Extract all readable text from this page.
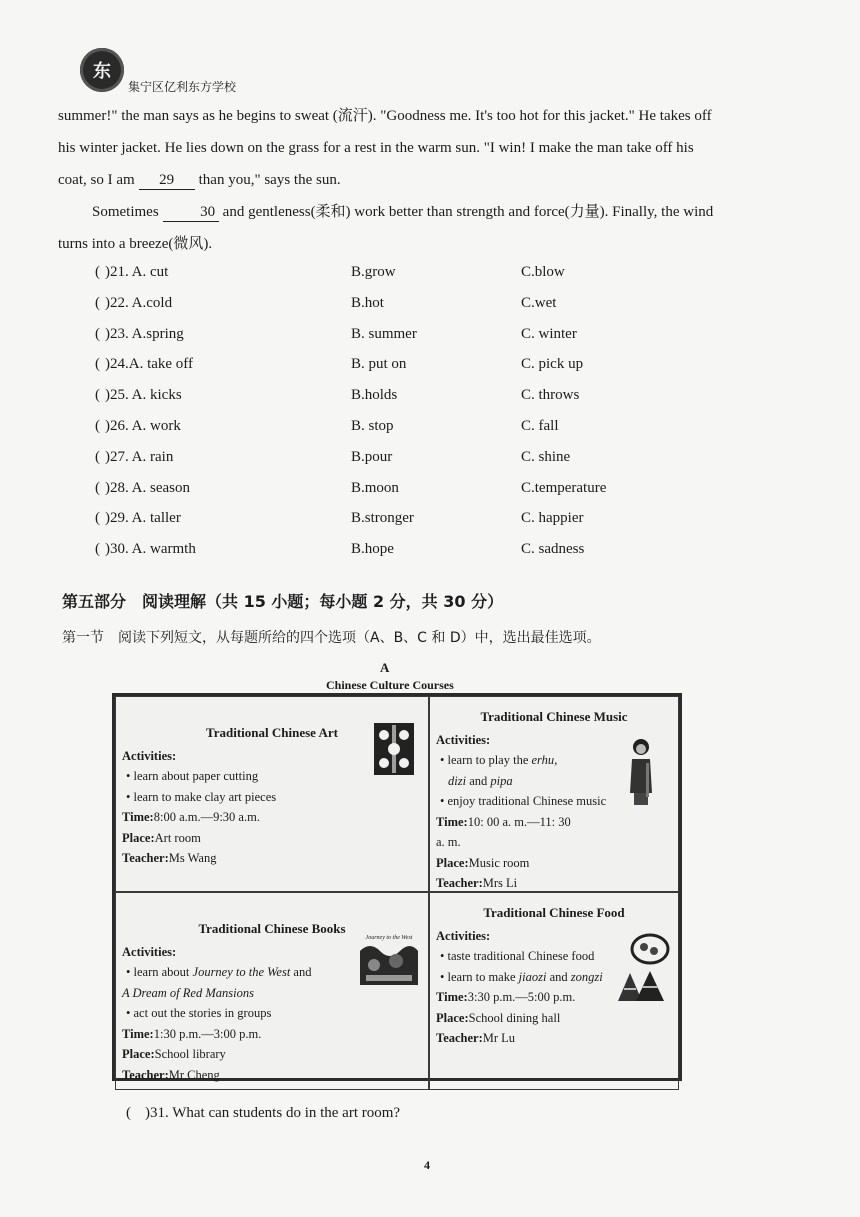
东
集宁区亿利东方学校

summer!" the man says as he begins to sweat (流汗). "Goodness me. It's too hot for this jacket." He takes off his winter jacket. He lies down on the grass for a rest in the warm sun. "I win! I make the man take off his coat, so I am 29 than you," says the sun.

Sometimes	30 and gentleness(柔和) work better than strength and force(力量). Finally, the wind turns into a breeze(微风).

( )21. A. cut	B.grow	C.blow
( )22. A.cold	B.hot	C.wet
( )23. A.spring	B. summer	C. winter
( )24.A. take off	B. put on	C. pick up
( )25. A. kicks	B.holds	C. throws
( )26. A. work	B. stop	C. fall
( )27. A. rain	B.pour	C. shine
( )28. A. season	B.moon	C.temperature
( )29. A. taller	B.stronger	C. happier
( )30. A. warmth	B.hope	C. sadness
第五部分　阅读理解（共 15 小题；每小题 2 分，共 30 分）
第一节　阅读下列短文，从每题所给的四个选项（A、B、C 和 D）中，选出最佳选项。
A
Chinese Culture Courses
Traditional Chinese Art
Activities:
• learn about paper cutting
• learn to make clay art pieces
Time:8:00 a.m.—9:30 a.m.
Place:Art room
Teacher:Ms Wang
Traditional Chinese Music
Activities:
• learn to play the erhu,
dizi and pipa
• enjoy traditional Chinese music
Time:10: 00 a. m.—11: 30
a. m.
Place:Music room
Teacher:Mrs Li
Journey to the West
Traditional Chinese Books
Activities:
• learn about Journey to the West and
A Dream of Red Mansions
• act out the stories in groups
Time:1:30 p.m.—3:00 p.m.
Place:School library
Teacher:Mr Cheng
Traditional Chinese Food
Activities:
• taste traditional Chinese food
• learn to make jiaozi and zongzi
Time:3:30 p.m.—5:00 p.m.
Place:School dining hall
Teacher:Mr Lu
( )31. What can students do in the art room?
4
